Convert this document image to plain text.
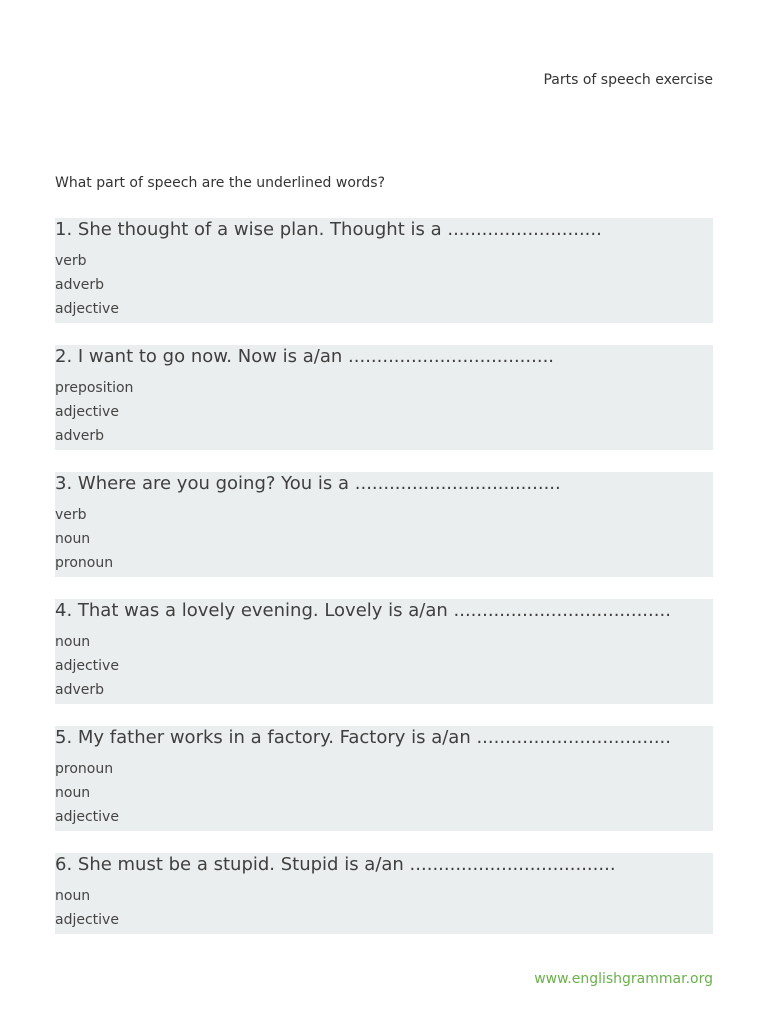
Parts of speech exercise
What part of speech are the underlined words?
1. She thought of a wise plan. Thought is a ...........................
verb
adverb
adjective
2. I want to go now. Now is a/an ....................................
preposition
adjective
adverb
3. Where are you going? You is a ....................................
verb
noun
pronoun
4. That was a lovely evening. Lovely is a/an ......................................
noun
adjective
adverb
5. My father works in a factory. Factory is a/an ..................................
pronoun
noun
adjective
6. She must be a stupid. Stupid is a/an ....................................
noun
adjective
www.englishgrammar.org
